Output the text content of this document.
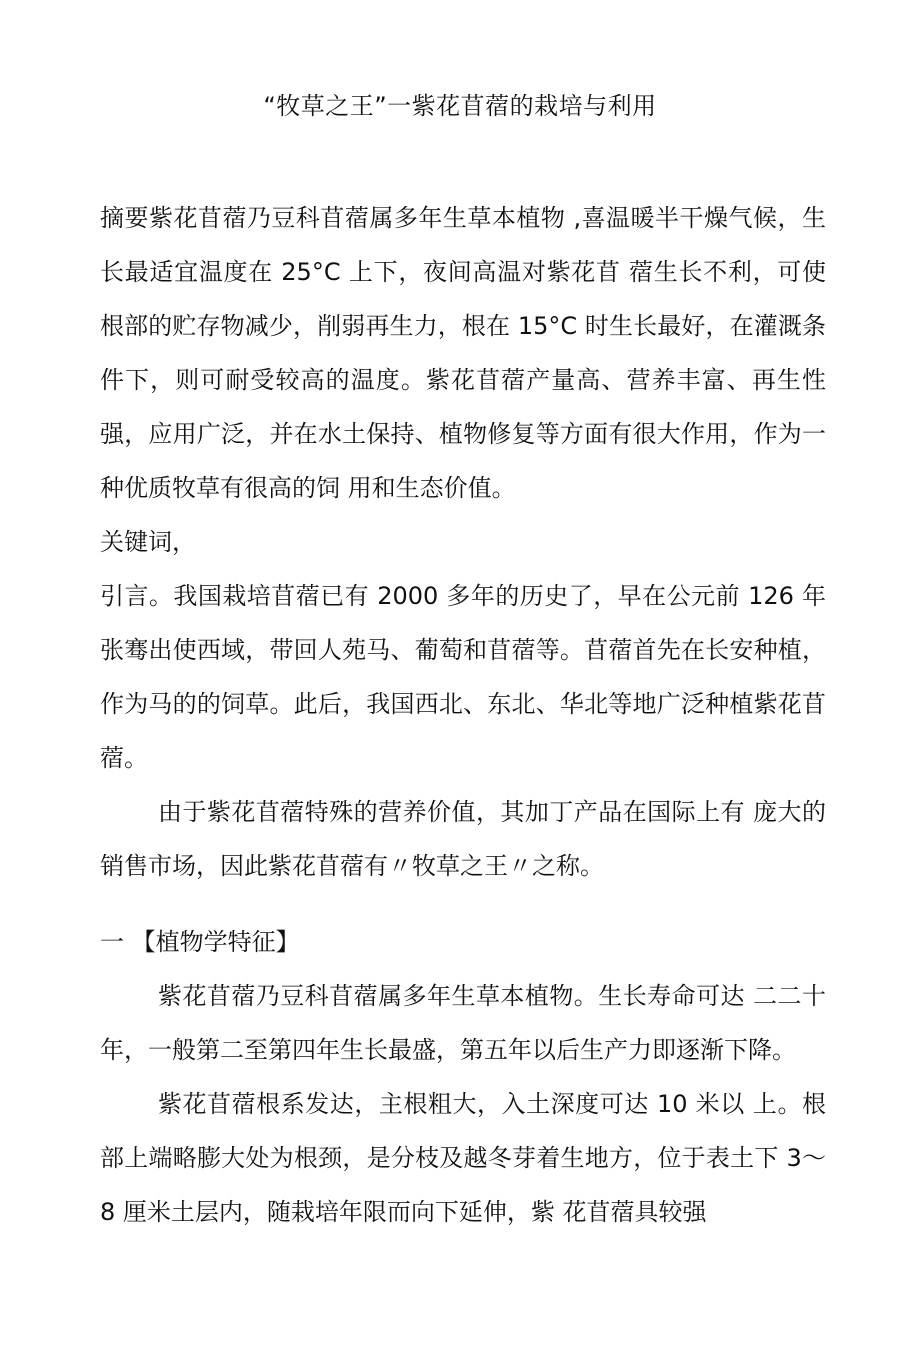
“牧草之王”一紫花苜蓿的栽培与利用

摘要紫花苜蓿乃豆科苜蓿属多年生草本植物 ,喜温暖半干燥气候，生长最适宜温度在 25°C 上下，夜间高温对紫花苜 蓿生长不利，可使根部的贮存物减少，削弱再生力，根在 15°C 时生长最好，在灌溉条件下，则可耐受较高的温度。紫花苜蓿产量高、营养丰富、再生性强，应用广泛，并在水土保持、植物修复等方面有很大作用，作为一种优质牧草有很高的饲 用和生态价值。

关键词，

引言。我国栽培苜蓿已有 2000 多年的历史了，早在公元前 126 年张骞出使西域，带回人苑马、葡萄和苜蓿等。苜蓿首先在长安种植，作为马的的饲草。此后，我国西北、东北、华北等地广泛种植紫花苜蓿。

由于紫花苜蓿特殊的营养价值，其加丁产品在国际上有 庞大的销售市场，因此紫花苜蓿有〃牧草之王〃之称。

一 【植物学特征】

紫花苜蓿乃豆科苜蓿属多年生草本植物。生长寿命可达 二二十年，一般第二至第四年生长最盛，第五年以后生产力即逐渐下降。

紫花苜蓿根系发达，主根粗大，入土深度可达 10 米以 上。根部上端略膨大处为根颈，是分枝及越冬芽着生地方，位于表土下 3～8 厘米土层内，随栽培年限而向下延伸，紫 花苜蓿具较强
